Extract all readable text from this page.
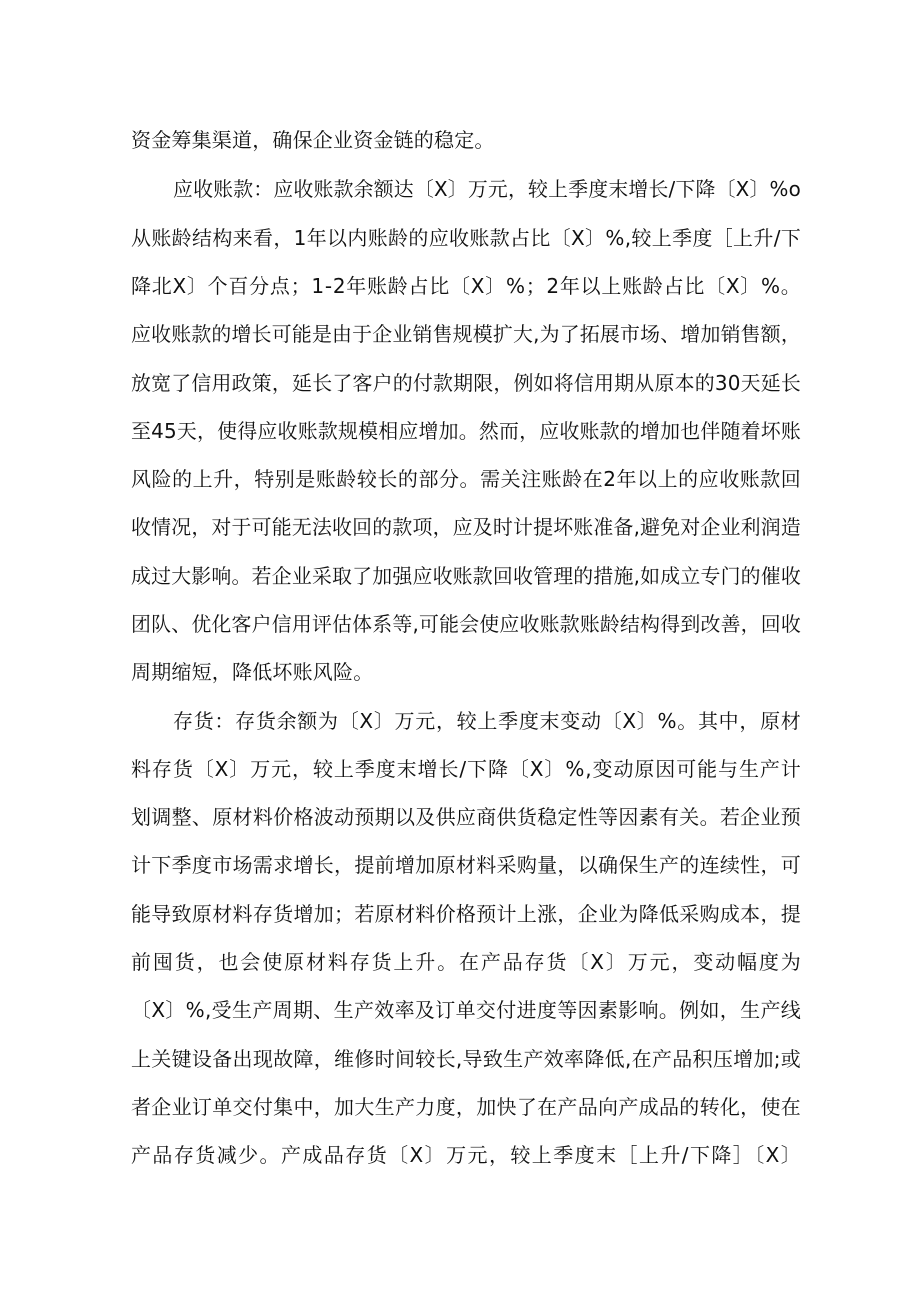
资金筹集渠道，确保企业资金链的稳定。
应收账款：应收账款余额达〔X〕万元，较上季度末增长/下降〔X〕%o
从账龄结构来看，1年以内账龄的应收账款占比〔X〕%,较上季度［上升/下
降北X〕个百分点；1-2年账龄占比〔X〕%；2年以上账龄占比〔X〕%。
应收账款的增长可能是由于企业销售规模扩大,为了拓展市场、增加销售额，
放宽了信用政策，延长了客户的付款期限，例如将信用期从原本的30天延长
至45天，使得应收账款规模相应增加。然而，应收账款的增加也伴随着坏账
风险的上升，特别是账龄较长的部分。需关注账龄在2年以上的应收账款回
收情况，对于可能无法收回的款项，应及时计提坏账准备,避免对企业利润造
成过大影响。若企业采取了加强应收账款回收管理的措施,如成立专门的催收
团队、优化客户信用评估体系等,可能会使应收账款账龄结构得到改善，回收
周期缩短，降低坏账风险。
存货：存货余额为〔X〕万元，较上季度末变动〔X〕%。其中，原材
料存货〔X〕万元，较上季度末增长/下降〔X〕%,变动原因可能与生产计
划调整、原材料价格波动预期以及供应商供货稳定性等因素有关。若企业预
计下季度市场需求增长，提前增加原材料采购量，以确保生产的连续性，可
能导致原材料存货增加；若原材料价格预计上涨，企业为降低采购成本，提
前囤货，也会使原材料存货上升。在产品存货〔X〕万元，变动幅度为
〔X〕%,受生产周期、生产效率及订单交付进度等因素影响。例如，生产线
上关键设备出现故障，维修时间较长,导致生产效率降低,在产品积压增加;或
者企业订单交付集中，加大生产力度，加快了在产品向产成品的转化，使在
产品存货减少。产成品存货〔X〕万元，较上季度末［上升/下降］〔X〕
